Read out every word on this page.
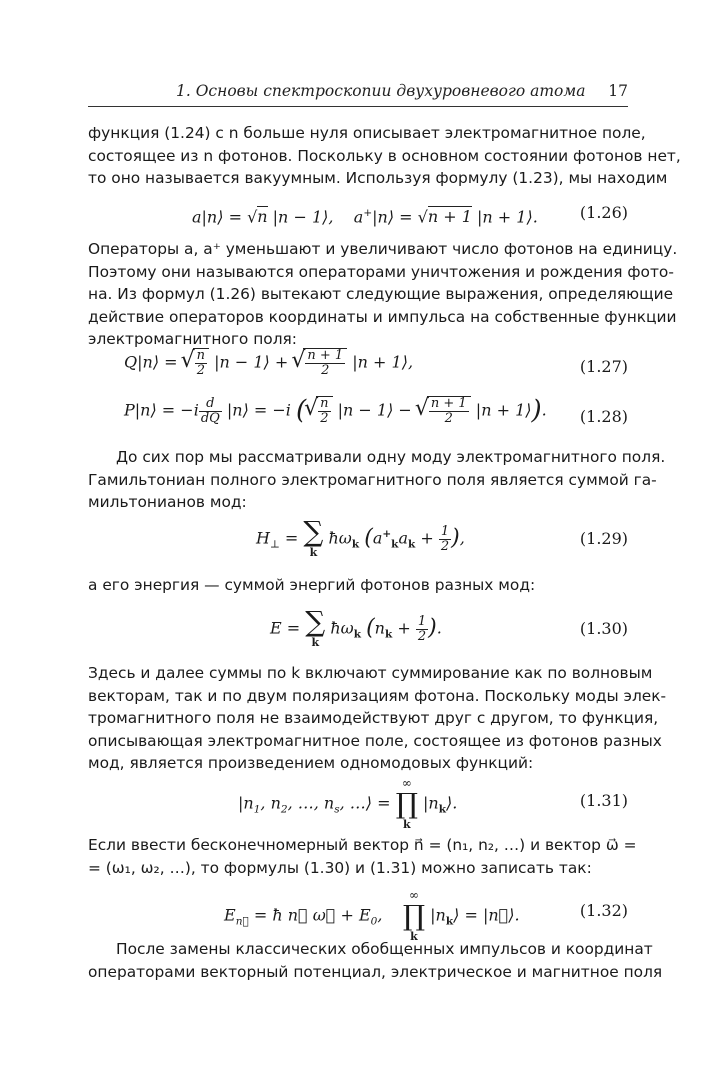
1. Основы спектроскопии двухуровневого атома 17
функция (1.24) с n больше нуля описывает электромагнитное поле,
состоящее из n фотонов. Поскольку в основном состоянии фотонов нет,
то оно называется вакуумным. Используя формулу (1.23), мы находим
a|n⟩ = √n |n − 1⟩,    a+|n⟩ = √n + 1 |n + 1⟩.	(1.26)
Операторы a, a⁺ уменьшают и увеличивают число фотонов на единицу.
Поэтому они называются операторами уничтожения и рождения фото-
на. Из формул (1.26) вытекают следующие выражения, определяющие
действие операторов координаты и импульса на собственные функции
электромагнитного поля:
Q|n⟩ = √ $\frac{n}{2} |n$ − 1⟩ + √ $\frac{n + 1}{2} |n$ + 1⟩,	(1.27)
P|n⟩ = $-i \frac{d}{dQ}$ |n⟩ = −i ( √ $\frac{n}{2} |n$ − 1⟩ − √ $\frac{n + 1}{2} |n$ + 1⟩). (1.28)
До сих пор мы рассматривали одну моду электромагнитного поля.
Гамильтониан полного электромагнитного поля является суммой га-
мильтонианов мод:
$H_\perp$ = ∑
k
$ħ\omega_k$ ($a^+_ka_k + \frac{1}{2}$ ),	(1.29)
а его энергия — суммой энергий фотонов разных мод:
E = ∑
k
$ħ\omega_k$ ($n_k + \frac{1}{2}$ ).	(1.30)
Здесь и далее суммы по k включают суммирование как по волновым
векторам, так и по двум поляризациям фотона. Поскольку моды элек-
тромагнитного поля не взаимодействуют друг с другом, то функция,
описывающая электромагнитное поле, состоящее из фотонов разных
мод, является произведением одномодовых функций:
$|n_1$, $n_2$, …, $n_s$, …⟩ =
∞
∏
k
$|n_k⟩$.	(1.31)
Если ввести бесконечномерный вектор n⃗ = (n₁, n₂, …) и вектор ω⃗ =
= (ω₁, ω₂, …), то формулы (1.30) и (1.31) можно записать так:
$E_{n⃗}$ = ħ n⃗ ω⃗ + $E_0$,
∞
∏
k
$|n_k⟩$ = |n⃗⟩.	(1.32)
После замены классических обобщенных импульсов и координат
операторами векторный потенциал, электрическое и магнитное поля
